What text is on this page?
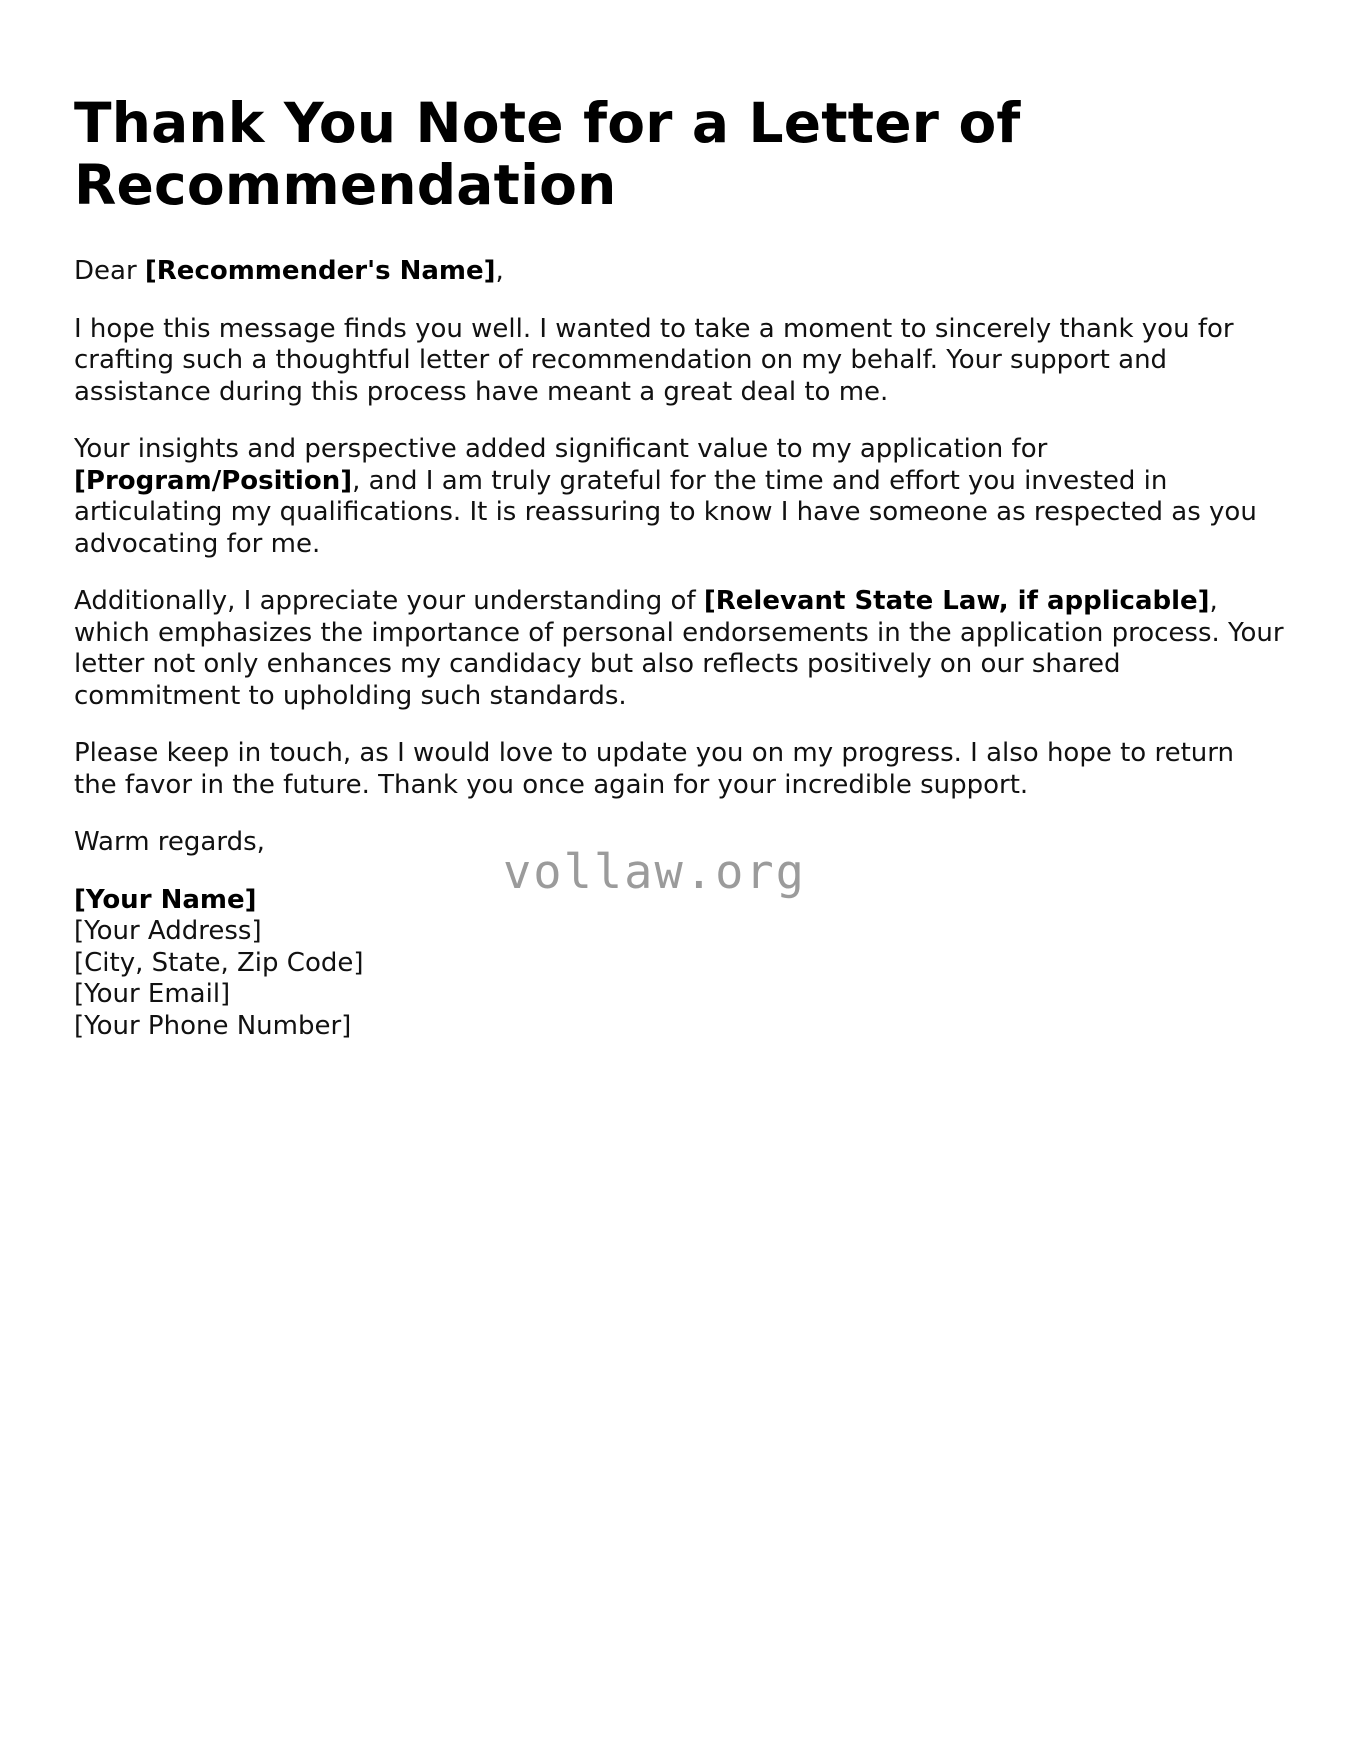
Thank You Note for a Letter of Recommendation

Dear [Recommender's Name],

I hope this message finds you well. I wanted to take a moment to sincerely thank you for crafting such a thoughtful letter of recommendation on my behalf. Your support and assistance during this process have meant a great deal to me.

Your insights and perspective added significant value to my application for [Program/Position], and I am truly grateful for the time and effort you invested in articulating my qualifications. It is reassuring to know I have someone as respected as you advocating for me.

Additionally, I appreciate your understanding of [Relevant State Law, if applicable], which emphasizes the importance of personal endorsements in the application process. Your letter not only enhances my candidacy but also reflects positively on our shared commitment to upholding such standards.

Please keep in touch, as I would love to update you on my progress. I also hope to return the favor in the future. Thank you once again for your incredible support.

Warm regards,

[Your Name]
[Your Address]
[City, State, Zip Code]
[Your Email]
[Your Phone Number]

vollaw.org
